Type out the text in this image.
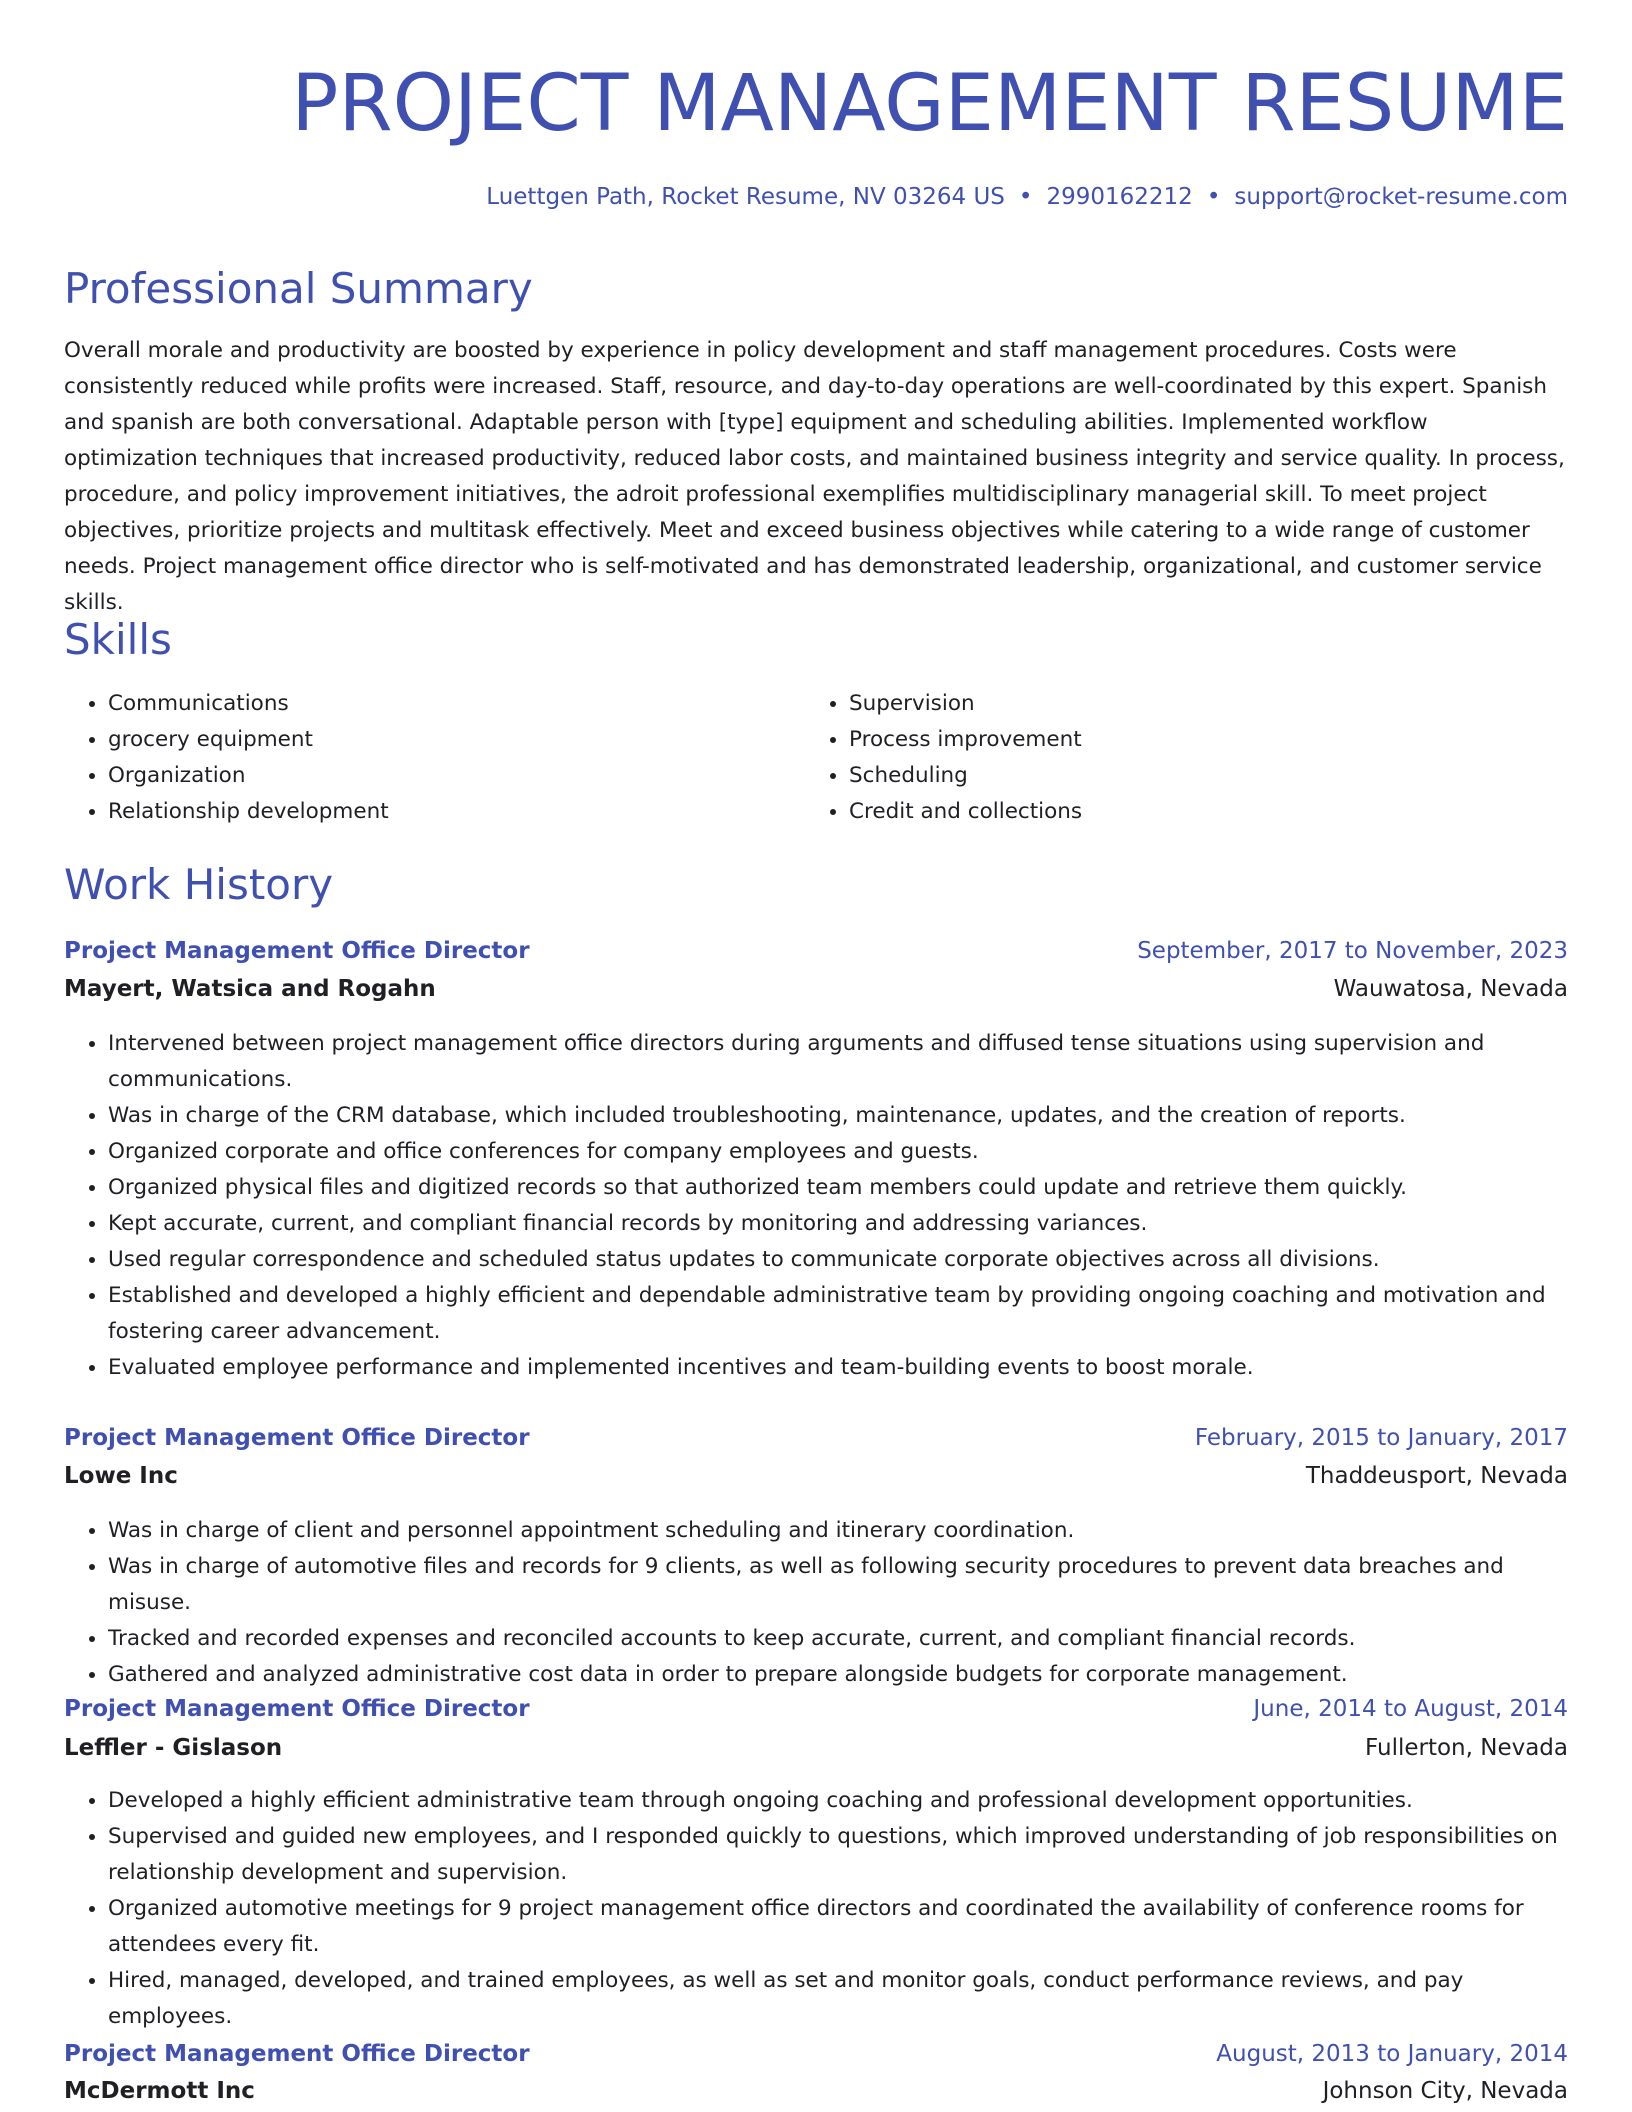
PROJECT MANAGEMENT RESUME
Luettgen Path, Rocket Resume, NV 03264 US • 2990162212 • support@rocket-resume.com
Professional Summary

Overall morale and productivity are boosted by experience in policy development and staff management procedures. Costs were consistently reduced while profits were increased. Staff, resource, and day-to-day operations are well-coordinated by this expert. Spanish and spanish are both conversational. Adaptable person with [type] equipment and scheduling abilities. Implemented workflow optimization techniques that increased productivity, reduced labor costs, and maintained business integrity and service quality. In process, procedure, and policy improvement initiatives, the adroit professional exemplifies multidisciplinary managerial skill. To meet project objectives, prioritize projects and multitask effectively. Meet and exceed business objectives while catering to a wide range of customer needs. Project management office director who is self-motivated and has demonstrated leadership, organizational, and customer service skills.

Skills
• Communications
• grocery equipment
• Organization
• Relationship development
• Supervision
• Process improvement
• Scheduling
• Credit and collections
Work History
Project Management Office Director	September, 2017 to November, 2023
Mayert, Watsica and Rogahn	Wauwatosa, Nevada
• Intervened between project management office directors during arguments and diffused tense situations using supervision and communications.
• Was in charge of the CRM database, which included troubleshooting, maintenance, updates, and the creation of reports.
• Organized corporate and office conferences for company employees and guests.
• Organized physical files and digitized records so that authorized team members could update and retrieve them quickly.
• Kept accurate, current, and compliant financial records by monitoring and addressing variances.
• Used regular correspondence and scheduled status updates to communicate corporate objectives across all divisions.
• Established and developed a highly efficient and dependable administrative team by providing ongoing coaching and motivation and fostering career advancement.
• Evaluated employee performance and implemented incentives and team-building events to boost morale.
Project Management Office Director	February, 2015 to January, 2017
Lowe Inc	Thaddeusport, Nevada
• Was in charge of client and personnel appointment scheduling and itinerary coordination.
• Was in charge of automotive files and records for 9 clients, as well as following security procedures to prevent data breaches and misuse.
• Tracked and recorded expenses and reconciled accounts to keep accurate, current, and compliant financial records.
• Gathered and analyzed administrative cost data in order to prepare alongside budgets for corporate management.
Project Management Office Director	June, 2014 to August, 2014
Leffler - Gislason	Fullerton, Nevada
• Developed a highly efficient administrative team through ongoing coaching and professional development opportunities.
• Supervised and guided new employees, and I responded quickly to questions, which improved understanding of job responsibilities on relationship development and supervision.
• Organized automotive meetings for 9 project management office directors and coordinated the availability of conference rooms for attendees every fit.
• Hired, managed, developed, and trained employees, as well as set and monitor goals, conduct performance reviews, and pay employees.
Project Management Office Director	August, 2013 to January, 2014
McDermott Inc	Johnson City, Nevada
